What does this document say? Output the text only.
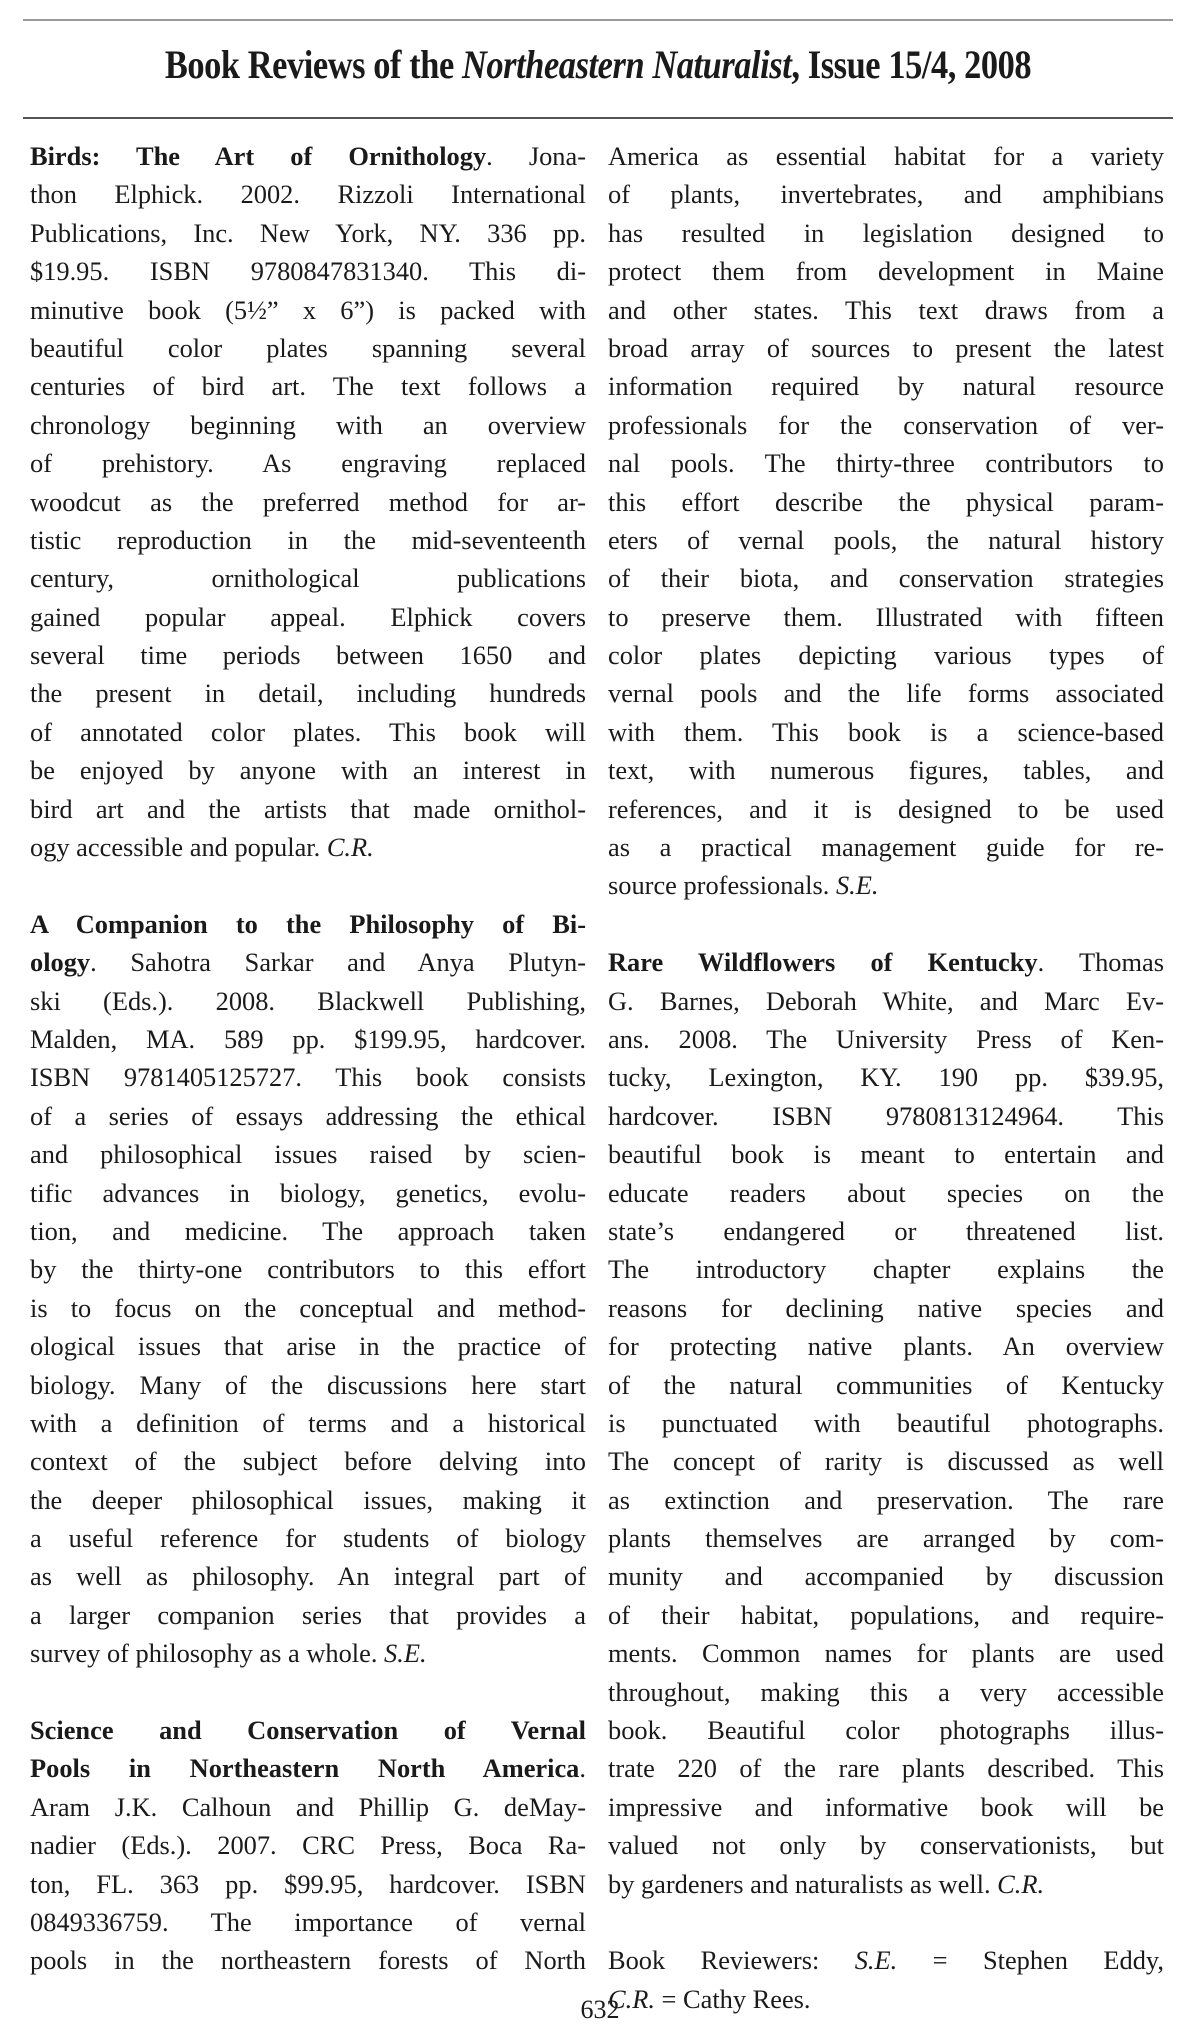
Book Reviews of the Northeastern Naturalist, Issue 15/4, 2008
Birds: The Art of Ornithology. Jona-
thon Elphick. 2002. Rizzoli International
Publications, Inc. New York, NY. 336 pp.
$19.95. ISBN 9780847831340. This di-
minutive book (5½” x 6”) is packed with
beautiful color plates spanning several
centuries of bird art. The text follows a
chronology beginning with an overview
of prehistory. As engraving replaced
woodcut as the preferred method for ar-
tistic reproduction in the mid-seventeenth
century, ornithological publications
gained popular appeal. Elphick covers
several time periods between 1650 and
the present in detail, including hundreds
of annotated color plates. This book will
be enjoyed by anyone with an interest in
bird art and the artists that made ornithol-
ogy accessible and popular. C.R.
A Companion to the Philosophy of Bi-
ology. Sahotra Sarkar and Anya Plutyn-
ski (Eds.). 2008. Blackwell Publishing,
Malden, MA. 589 pp. $199.95, hardcover.
ISBN 9781405125727. This book consists
of a series of essays addressing the ethical
and philosophical issues raised by scien-
tific advances in biology, genetics, evolu-
tion, and medicine. The approach taken
by the thirty-one contributors to this effort
is to focus on the conceptual and method-
ological issues that arise in the practice of
biology. Many of the discussions here start
with a definition of terms and a historical
context of the subject before delving into
the deeper philosophical issues, making it
a useful reference for students of biology
as well as philosophy. An integral part of
a larger companion series that provides a
survey of philosophy as a whole. S.E.
Science and Conservation of Vernal
Pools in Northeastern North America.
Aram J.K. Calhoun and Phillip G. deMay-
nadier (Eds.). 2007. CRC Press, Boca Ra-
ton, FL. 363 pp. $99.95, hardcover. ISBN
0849336759. The importance of vernal
pools in the northeastern forests of North
America as essential habitat for a variety
of plants, invertebrates, and amphibians
has resulted in legislation designed to
protect them from development in Maine
and other states. This text draws from a
broad array of sources to present the latest
information required by natural resource
professionals for the conservation of ver-
nal pools. The thirty-three contributors to
this effort describe the physical param-
eters of vernal pools, the natural history
of their biota, and conservation strategies
to preserve them. Illustrated with fifteen
color plates depicting various types of
vernal pools and the life forms associated
with them. This book is a science-based
text, with numerous figures, tables, and
references, and it is designed to be used
as a practical management guide for re-
source professionals. S.E.
Rare Wildflowers of Kentucky. Thomas
G. Barnes, Deborah White, and Marc Ev-
ans. 2008. The University Press of Ken-
tucky, Lexington, KY. 190 pp. $39.95,
hardcover. ISBN 9780813124964. This
beautiful book is meant to entertain and
educate readers about species on the
state’s endangered or threatened list.
The introductory chapter explains the
reasons for declining native species and
for protecting native plants. An overview
of the natural communities of Kentucky
is punctuated with beautiful photographs.
The concept of rarity is discussed as well
as extinction and preservation. The rare
plants themselves are arranged by com-
munity and accompanied by discussion
of their habitat, populations, and require-
ments. Common names for plants are used
throughout, making this a very accessible
book. Beautiful color photographs illus-
trate 220 of the rare plants described. This
impressive and informative book will be
valued not only by conservationists, but
by gardeners and naturalists as well. C.R.
Book Reviewers: S.E. = Stephen Eddy,
C.R. = Cathy Rees.
632
